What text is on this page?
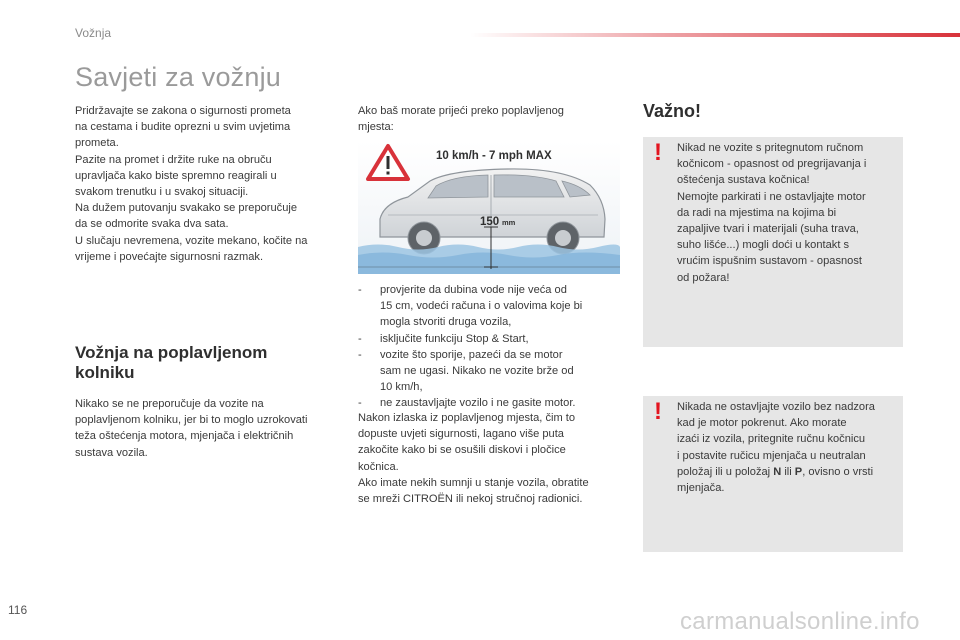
Vožnja
Savjeti za vožnju
Pridržavajte se zakona o sigurnosti prometa
na cestama i budite oprezni u svim uvjetima
prometa.
Pazite na promet i držite ruke na obruču
upravljača kako biste spremno reagirali u
svakom trenutku i u svakoj situaciji.
Na dužem putovanju svakako se preporučuje
da se odmorite svaka dva sata.
U slučaju nevremena, vozite mekano, kočite na
vrijeme i povećajte sigurnosni razmak.
Vožnja na poplavljenom
kolniku
Nikako se ne preporučuje da vozite na
poplavljenom kolniku, jer bi to moglo uzrokovati
teža oštećenja motora, mjenjača i električnih
sustava vozila.
Ako baš morate prijeći preko poplavljenog
mjesta:
10 km/h - 7 mph MAX
150 mm
- provjerite da dubina vode nije veća od
15 cm, vodeći računa i o valovima koje bi
mogla stvoriti druga vozila,
- isključite funkciju Stop & Start,
- vozite što sporije, pazeći da se motor
sam ne ugasi. Nikako ne vozite brže od
10 km/h,
- ne zaustavljajte vozilo i ne gasite motor.
Nakon izlaska iz poplavljenog mjesta, čim to
dopuste uvjeti sigurnosti, lagano više puta
zakočite kako bi se osušili diskovi i pločice
kočnica.
Ako imate nekih sumnji u stanje vozila, obratite
se mreži CITROËN ili nekoj stručnoj radionici.
Važno!
! Nikad ne vozite s pritegnutom ručnom
kočnicom - opasnost od pregrijavanja i
oštećenja sustava kočnica!
Nemojte parkirati i ne ostavljajte motor
da radi na mjestima na kojima bi
zapaljive tvari i materijali (suha trava,
suho lišće...) mogli doći u kontakt s
vrućim ispušnim sustavom - opasnost
od požara!
! Nikada ne ostavljajte vozilo bez nadzora
kad je motor pokrenut. Ako morate
izaći iz vozila, pritegnite ručnu kočnicu
i postavite ručicu mjenjača u neutralan
položaj ili u položaj N ili P, ovisno o vrsti
mjenjača.
116	carmanualsonline.info
